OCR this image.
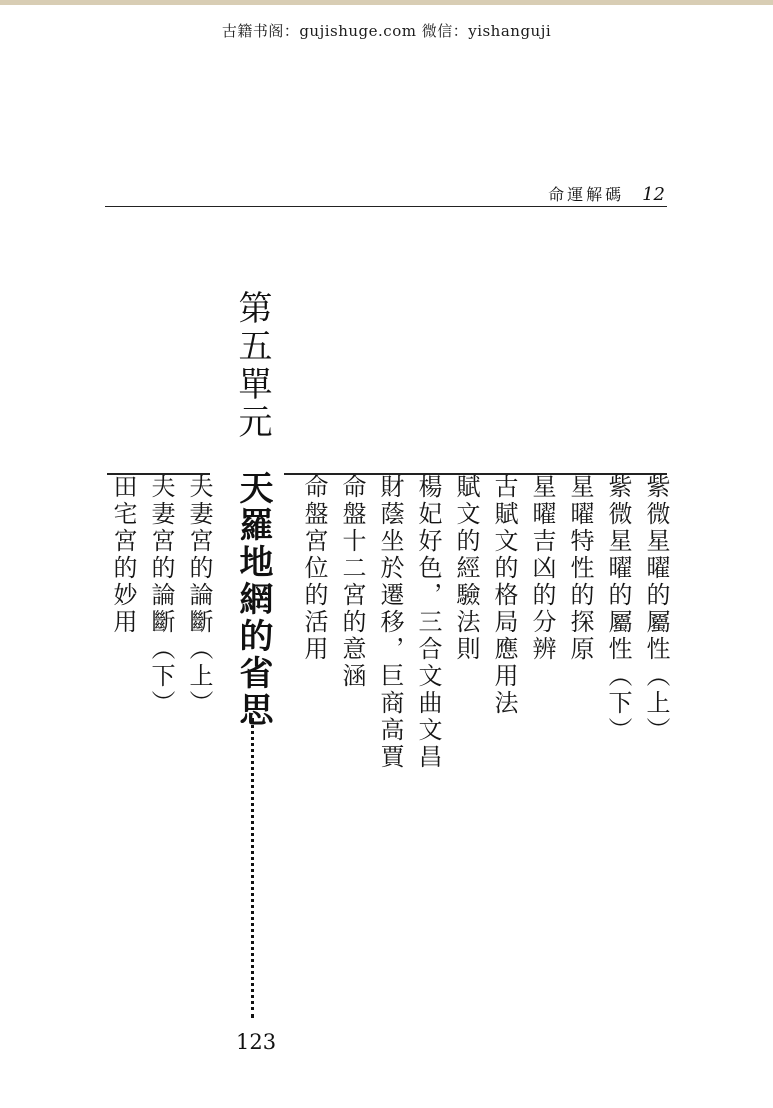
古籍书阁：gujishuge.com 微信：yishanguji
命運解碼 12
第五單元
天羅地網的省思
123
紫微星曜的屬性︵上︶
紫微星曜的屬性︵下︶
星曜特性的探原
星曜吉凶的分辨
古賦文的格局應用法
賦文的經驗法則
楊妃好色，三合文曲文昌
財蔭坐於遷移，巨商高賈
命盤十二宮的意涵
命盤宮位的活用
夫妻宮的論斷︵上︶
夫妻宮的論斷︵下︶
田宅宮的妙用
